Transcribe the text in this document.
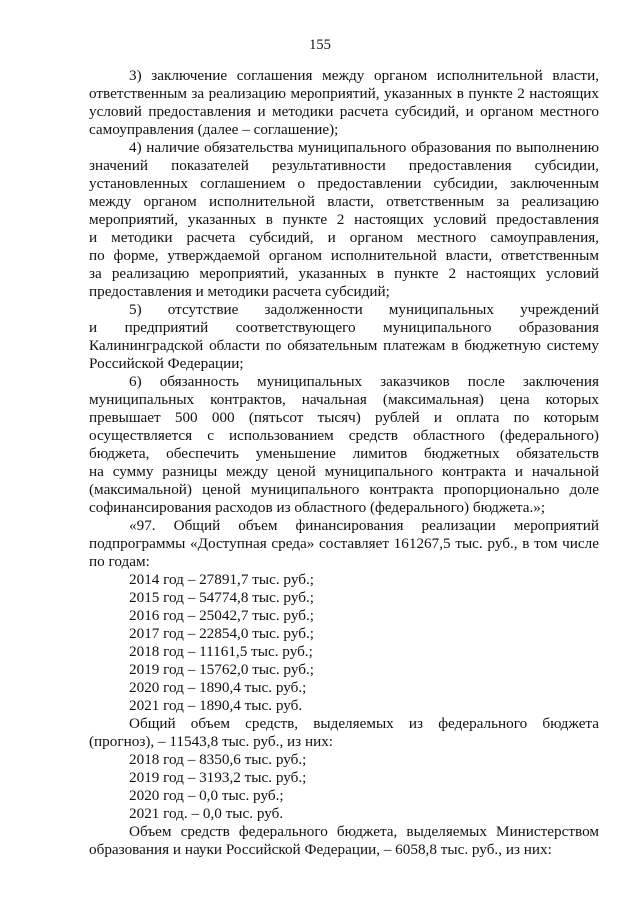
155
3) заключение соглашения между органом исполнительной власти,
ответственным за реализацию мероприятий, указанных в пункте 2 настоящих
условий предоставления и методики расчета субсидий, и органом местного
самоуправления (далее – соглашение);
4) наличие обязательства муниципального образования по выполнению
значений показателей результативности предоставления субсидии,
установленных соглашением о предоставлении субсидии, заключенным
между органом исполнительной власти, ответственным за реализацию
мероприятий, указанных в пункте 2 настоящих условий предоставления
и методики расчета субсидий, и органом местного самоуправления,
по форме, утверждаемой органом исполнительной власти, ответственным
за реализацию мероприятий, указанных в пункте 2 настоящих условий
предоставления и методики расчета субсидий;
5) отсутствие задолженности муниципальных учреждений
и предприятий соответствующего муниципального образования
Калининградской области по обязательным платежам в бюджетную систему
Российской Федерации;
6) обязанность муниципальных заказчиков после заключения
муниципальных контрактов, начальная (максимальная) цена которых
превышает 500 000 (пятьсот тысяч) рублей и оплата по которым
осуществляется с использованием средств областного (федерального)
бюджета, обеспечить уменьшение лимитов бюджетных обязательств
на сумму разницы между ценой муниципального контракта и начальной
(максимальной) ценой муниципального контракта пропорционально доле
софинансирования расходов из областного (федерального) бюджета.»;
«97. Общий объем финансирования реализации мероприятий
подпрограммы «Доступная среда» составляет 161267,5 тыс. руб., в том числе
по годам:
2014 год – 27891,7 тыс. руб.;
2015 год – 54774,8 тыс. руб.;
2016 год – 25042,7 тыс. руб.;
2017 год – 22854,0 тыс. руб.;
2018 год – 11161,5 тыс. руб.;
2019 год – 15762,0 тыс. руб.;
2020 год – 1890,4 тыс. руб.;
2021 год – 1890,4 тыс. руб.
Общий объем средств, выделяемых из федерального бюджета
(прогноз), – 11543,8 тыс. руб., из них:
2018 год – 8350,6 тыс. руб.;
2019 год – 3193,2 тыс. руб.;
2020 год – 0,0 тыс. руб.;
2021 год. – 0,0 тыс. руб.
Объем средств федерального бюджета, выделяемых Министерством
образования и науки Российской Федерации, – 6058,8 тыс. руб., из них:
